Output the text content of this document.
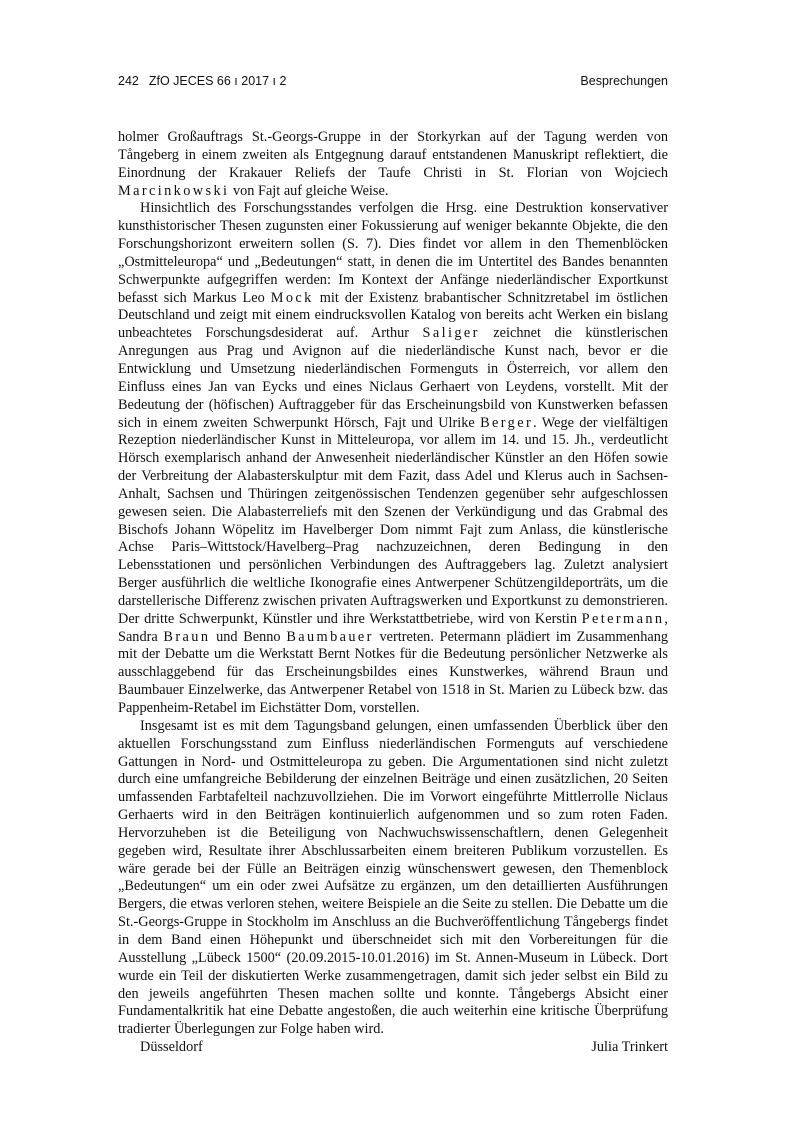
242 ZfO JECES 66 ı 2017 ı 2	Besprechungen

holmer Großauftrags St.-Georgs-Gruppe in der Storkyrkan auf der Tagung werden von Tångeberg in einem zweiten als Entgegnung darauf entstandenen Manuskript reflektiert, die Einordnung der Krakauer Reliefs der Taufe Christi in St. Florian von Wojciech Marcinkowski von Fajt auf gleiche Weise.

Hinsichtlich des Forschungsstandes verfolgen die Hrsg. eine Destruktion konservativer kunsthistorischer Thesen zugunsten einer Fokussierung auf weniger bekannte Objekte, die den Forschungshorizont erweitern sollen (S. 7). Dies findet vor allem in den Themenblöcken „Ostmitteleuropa“ und „Bedeutungen“ statt, in denen die im Untertitel des Bandes benannten Schwerpunkte aufgegriffen werden: Im Kontext der Anfänge niederländischer Exportkunst befasst sich Markus Leo Mock mit der Existenz brabantischer Schnitzretabel im östlichen Deutschland und zeigt mit einem eindrucksvollen Katalog von bereits acht Werken ein bislang unbeachtetes Forschungsdesiderat auf. Arthur Saliger zeichnet die künstlerischen Anregungen aus Prag und Avignon auf die niederländische Kunst nach, bevor er die Entwicklung und Umsetzung niederländischen Formenguts in Österreich, vor allem den Einfluss eines Jan van Eycks und eines Niclaus Gerhaert von Leydens, vorstellt. Mit der Bedeutung der (höfischen) Auftraggeber für das Erscheinungsbild von Kunstwerken befassen sich in einem zweiten Schwerpunkt Hörsch, Fajt und Ulrike Berger. Wege der vielfältigen Rezeption niederländischer Kunst in Mitteleuropa, vor allem im 14. und 15. Jh., verdeutlicht Hörsch exemplarisch anhand der Anwesenheit niederländischer Künstler an den Höfen sowie der Verbreitung der Alabasterskulptur mit dem Fazit, dass Adel und Klerus auch in Sachsen-Anhalt, Sachsen und Thüringen zeitgenössischen Tendenzen gegenüber sehr aufgeschlossen gewesen seien. Die Alabasterreliefs mit den Szenen der Verkündigung und das Grabmal des Bischofs Johann Wöpelitz im Havelberger Dom nimmt Fajt zum Anlass, die künstlerische Achse Paris–Wittstock/Havelberg–Prag nachzuzeichnen, deren Bedingung in den Lebensstationen und persönlichen Verbindungen des Auftraggebers lag. Zuletzt analysiert Berger ausführlich die weltliche Ikonografie eines Antwerpener Schützengildeporträts, um die darstellerische Differenz zwischen privaten Auftragswerken und Exportkunst zu demonstrieren. Der dritte Schwerpunkt, Künstler und ihre Werkstattbetriebe, wird von Kerstin Petermann, Sandra Braun und Benno Baumbauer vertreten. Petermann plädiert im Zusammenhang mit der Debatte um die Werkstatt Bernt Notkes für die Bedeutung persönlicher Netzwerke als ausschlaggebend für das Erscheinungsbildes eines Kunstwerkes, während Braun und Baumbauer Einzelwerke, das Antwerpener Retabel von 1518 in St. Marien zu Lübeck bzw. das Pappenheim-Retabel im Eichstätter Dom, vorstellen.

Insgesamt ist es mit dem Tagungsband gelungen, einen umfassenden Überblick über den aktuellen Forschungsstand zum Einfluss niederländischen Formenguts auf verschiedene Gattungen in Nord- und Ostmitteleuropa zu geben. Die Argumentationen sind nicht zuletzt durch eine umfangreiche Bebilderung der einzelnen Beiträge und einen zusätzlichen, 20 Seiten umfassenden Farbtafelteil nachzuvollziehen. Die im Vorwort eingeführte Mittlerrolle Niclaus Gerhaerts wird in den Beiträgen kontinuierlich aufgenommen und so zum roten Faden. Hervorzuheben ist die Beteiligung von Nachwuchswissenschaftlern, denen Gelegenheit gegeben wird, Resultate ihrer Abschlussarbeiten einem breiteren Publikum vorzustellen. Es wäre gerade bei der Fülle an Beiträgen einzig wünschenswert gewesen, den Themenblock „Bedeutungen“ um ein oder zwei Aufsätze zu ergänzen, um den detaillierten Ausführungen Bergers, die etwas verloren stehen, weitere Beispiele an die Seite zu stellen. Die Debatte um die St.-Georgs-Gruppe in Stockholm im Anschluss an die Buchveröffentlichung Tångebergs findet in dem Band einen Höhepunkt und überschneidet sich mit den Vorbereitungen für die Ausstellung „Lübeck 1500“ (20.09.2015-10.01.2016) im St. Annen-Museum in Lübeck. Dort wurde ein Teil der diskutierten Werke zusammengetragen, damit sich jeder selbst ein Bild zu den jeweils angeführten Thesen machen sollte und konnte. Tångebergs Absicht einer Fundamentalkritik hat eine Debatte angestoßen, die auch weiterhin eine kritische Überprüfung tradierter Überlegungen zur Folge haben wird.

Düsseldorf	Julia Trinkert
